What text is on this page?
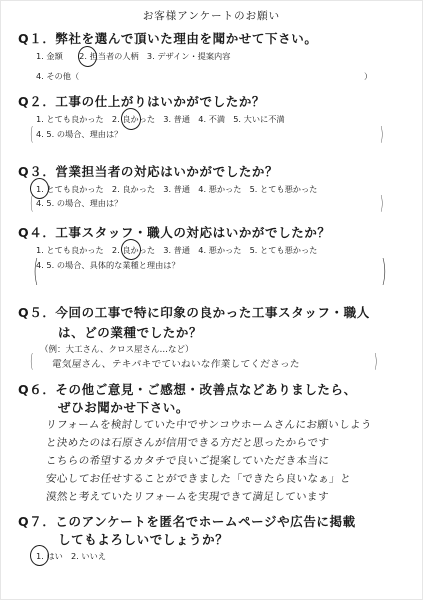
お客様アンケートのお願い
Q１．弊社を選んで頂いた理由を聞かせて下さい。
1. 金額　　2. 担当者の人柄　3. デザイン・提案内容
4. その他（	）
Q２．工事の仕上がりはいかがでしたか？
1. とても良かった　2. 良かった　3. 普通　4. 不満　5. 大いに不満
( 4. 5. の場合、理由は？	)
Q３．営業担当者の対応はいかがでしたか？
1. とても良かった　2. 良かった　3. 普通　4. 悪かった　5. とても悪かった
( 4. 5. の場合、理由は？	)
Q４．工事スタッフ・職人の対応はいかがでしたか？
1. とても良かった　2. 良かった　3. 普通　4. 悪かった　5. とても悪かった
(
4. 5. の場合、具体的な業種と理由は？	)
Q５．今回の工事で特に印象の良かった工事スタッフ・職人
は、どの業種でしたか？
（例：大工さん、クロス屋さん…など）
( 電気屋さん、テキパキでていねいな作業してくださった	)
Q６．その他ご意見・ご感想・改善点などありましたら、
ぜひお聞かせ下さい。
リフォームを検討していた中でサンコウホームさんにお願いしよう
と決めたのは石原さんが信用できる方だと思ったからです
こちらの希望するカタチで良いご提案していただき本当に
安心してお任せすることができました「できたら良いなぁ」と
漠然と考えていたリフォームを実現できて満足しています
Q７．このアンケートを匿名でホームページや広告に掲載
してもよろしいでしょうか？
1. はい　2. いいえ
